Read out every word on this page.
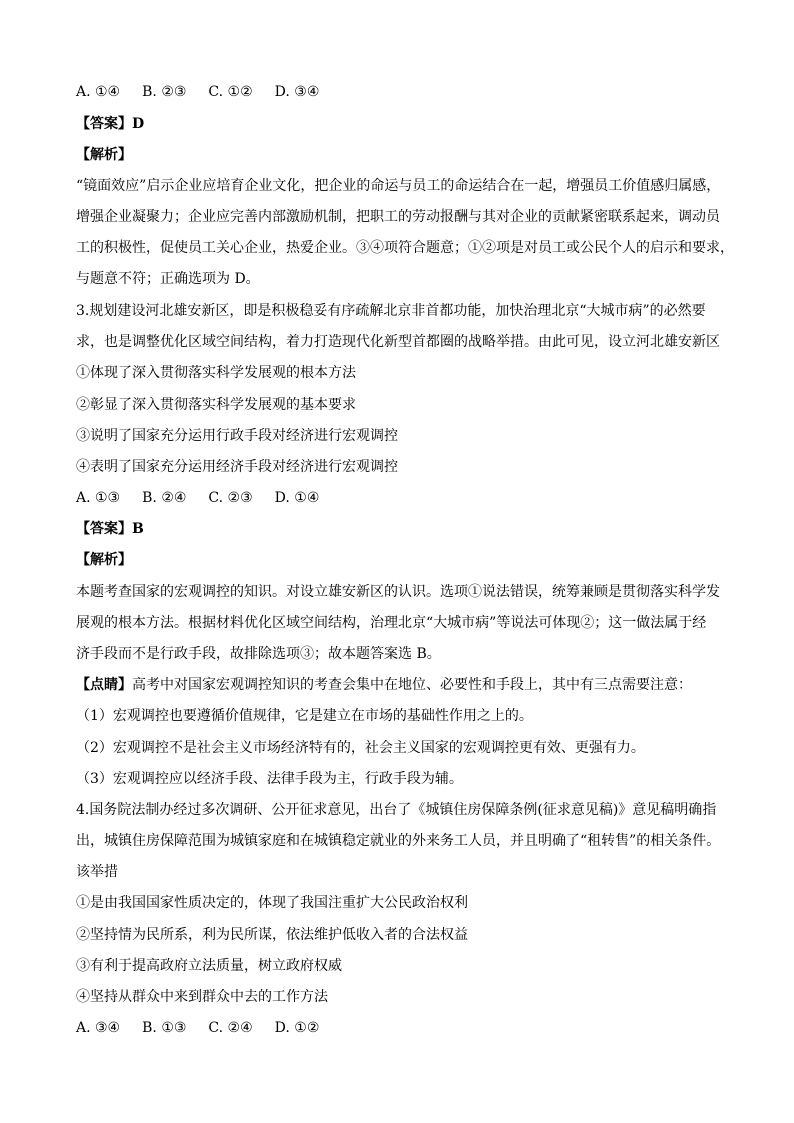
A. ①④ B. ②③ C. ①② D. ③④
【答案】D
【解析】
“镜面效应”启示企业应培育企业文化，把企业的命运与员工的命运结合在一起，增强员工价值感归属感，
增强企业凝聚力；企业应完善内部激励机制，把职工的劳动报酬与其对企业的贡献紧密联系起来，调动员
工的积极性，促使员工关心企业，热爱企业。③④项符合题意；①②项是对员工或公民个人的启示和要求，
与题意不符；正确选项为 D。
3.规划建设河北雄安新区，即是积极稳妥有序疏解北京非首都功能，加快治理北京“大城市病”的必然要
求，也是调整优化区域空间结构，着力打造现代化新型首都圈的战略举措。由此可见，设立河北雄安新区
①体现了深入贯彻落实科学发展观的根本方法
②彰显了深入贯彻落实科学发展观的基本要求
③说明了国家充分运用行政手段对经济进行宏观调控
④表明了国家充分运用经济手段对经济进行宏观调控
A. ①③ B. ②④ C. ②③ D. ①④
【答案】B
【解析】
本题考查国家的宏观调控的知识。对设立雄安新区的认识。选项①说法错误，统筹兼顾是贯彻落实科学发
展观的根本方法。根据材料优化区域空间结构，治理北京“大城市病”等说法可体现②；这一做法属于经
济手段而不是行政手段，故排除选项③；故本题答案选 B。
【点睛】高考中对国家宏观调控知识的考查会集中在地位、必要性和手段上，其中有三点需要注意：
（1）宏观调控也要遵循价值规律，它是建立在市场的基础性作用之上的。
（2）宏观调控不是社会主义市场经济特有的，社会主义国家的宏观调控更有效、更强有力。
（3）宏观调控应以经济手段、法律手段为主，行政手段为辅。
4.国务院法制办经过多次调研、公开征求意见，出台了《城镇住房保障条例(征求意见稿)》意见稿明确指
出，城镇住房保障范围为城镇家庭和在城镇稳定就业的外来务工人员，并且明确了“租转售”的相关条件。
该举措
①是由我国国家性质决定的，体现了我国注重扩大公民政治权利
②坚持情为民所系，利为民所谋，依法维护低收入者的合法权益
③有利于提高政府立法质量，树立政府权威
④坚持从群众中来到群众中去的工作方法
A. ③④ B. ①③ C. ②④ D. ①②
